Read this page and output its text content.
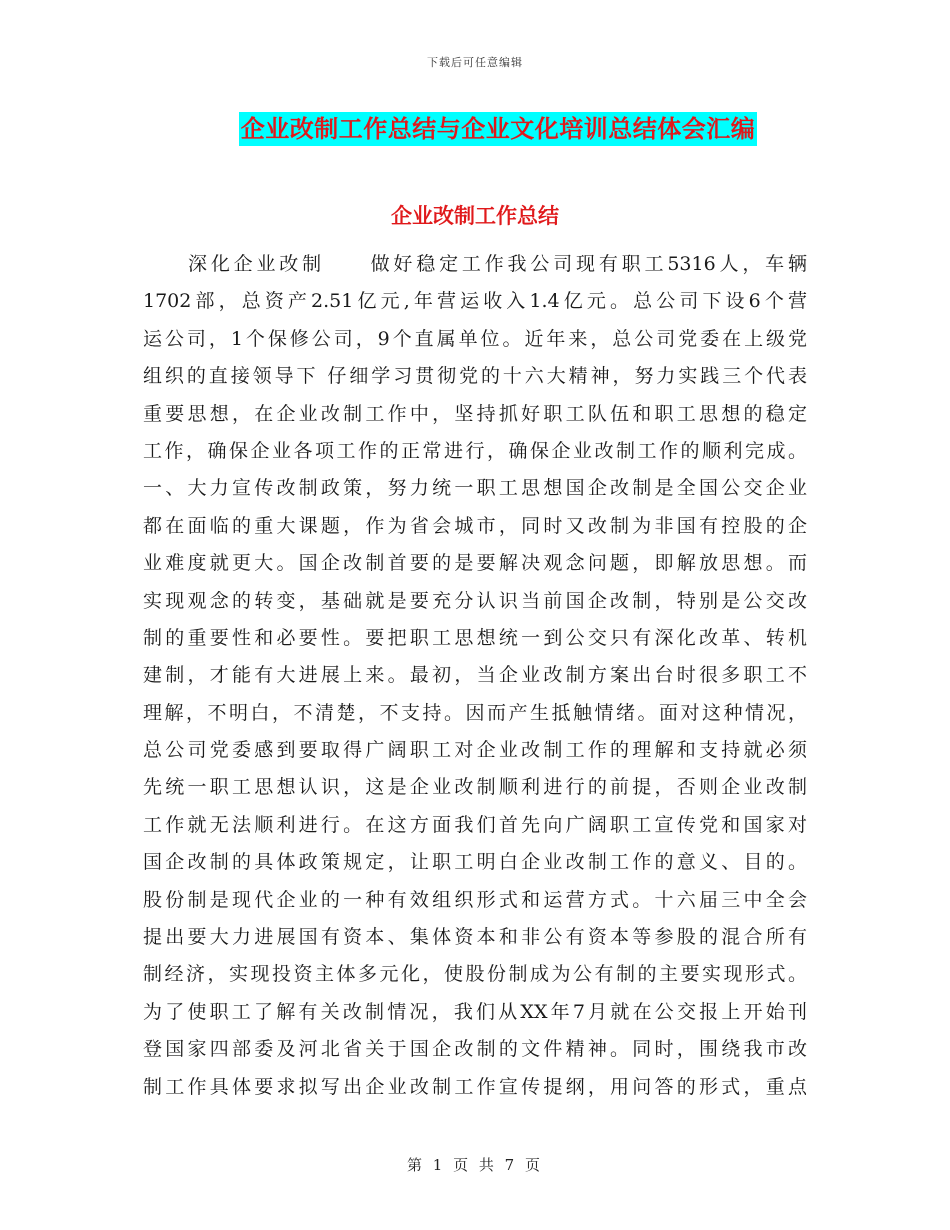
下载后可任意编辑
企业改制工作总结与企业文化培训总结体会汇编
企业改制工作总结
深化企业改制　　做好稳定工作我公司现有职工5316人，车辆
1702部，总资产2.51亿元,年营运收入1.4亿元。总公司下设6个营
运公司，1个保修公司，9个直属单位。近年来，总公司党委在上级党
组织的直接领导下 仔细学习贯彻党的十六大精神，努力实践三个代表
重要思想，在企业改制工作中，坚持抓好职工队伍和职工思想的稳定
工作，确保企业各项工作的正常进行，确保企业改制工作的顺利完成。
一、大力宣传改制政策，努力统一职工思想国企改制是全国公交企业
都在面临的重大课题，作为省会城市，同时又改制为非国有控股的企
业难度就更大。国企改制首要的是要解决观念问题，即解放思想。而
实现观念的转变，基础就是要充分认识当前国企改制，特别是公交改
制的重要性和必要性。要把职工思想统一到公交只有深化改革、转机
建制，才能有大进展上来。最初，当企业改制方案出台时很多职工不
理解，不明白，不清楚，不支持。因而产生抵触情绪。面对这种情况，
总公司党委感到要取得广阔职工对企业改制工作的理解和支持就必须
先统一职工思想认识，这是企业改制顺利进行的前提，否则企业改制
工作就无法顺利进行。在这方面我们首先向广阔职工宣传党和国家对
国企改制的具体政策规定，让职工明白企业改制工作的意义、目的。
股份制是现代企业的一种有效组织形式和运营方式。十六届三中全会
提出要大力进展国有资本、集体资本和非公有资本等参股的混合所有
制经济，实现投资主体多元化，使股份制成为公有制的主要实现形式。
为了使职工了解有关改制情况，我们从XX年7月就在公交报上开始刊
登国家四部委及河北省关于国企改制的文件精神。同时，围绕我市改
制工作具体要求拟写出企业改制工作宣传提纲，用问答的形式，重点
第 1 页 共 7 页
